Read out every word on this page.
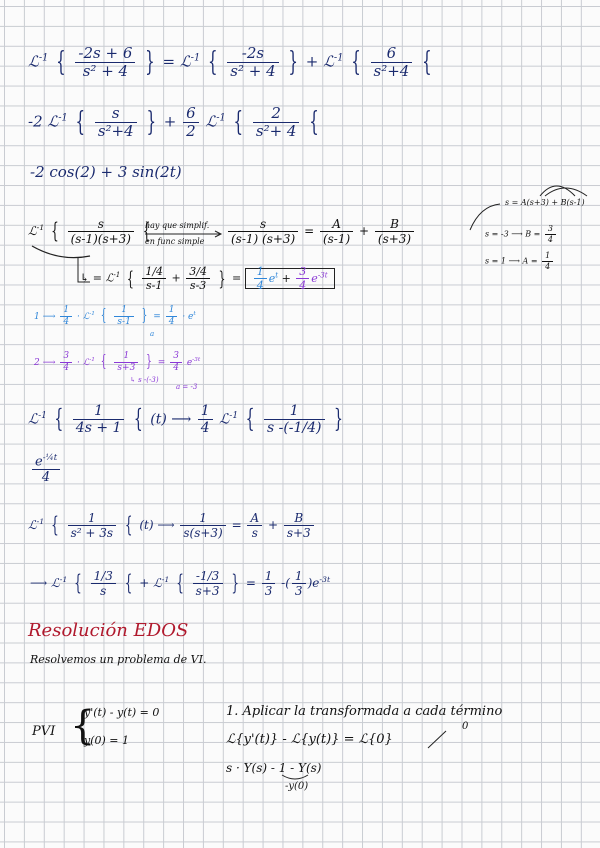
ℒ$^{-1}$ { $\frac{-2s + 6}{\text{s² + 4}}$ } = ℒ$^{-1}$ { $\frac{-2s}{\text{s² + 4}}$ } + ℒ$^{-1}$ { $\frac{6}{\text{s²+4}}$ {
-2 ℒ$^{-1}$ { $\frac{s}{\text{s²+4}}$ } + $\frac{6}{2}$ ℒ$^{-1}$ { $\frac{2}{\text{s²+ 4}}$ {
-2 cos(2) + 3 sin(2t)
ℒ$^{-1}$ { $\frac{s}{(s-1)(s+3)}$ {
hay que simplif.
en func simple $\frac{s}{(s-1) (s+3)} = \frac{A}{(s-1)} + \frac{B}{(s+3)}$
s = A(s+3) + B(s-1)
s = -3 ⟶ $B = \frac{3}{4}$
s = 1 ⟶ $A = \frac{1}{4}$
↳ = ℒ$^{-1}$ { $\frac{1/4}{s-1} + \frac{3/4}{s-3}$ } = $\frac{1}{4} e^t + \frac{3}{4} e^{-3t}$
1 ⟶ $\frac{1}{4}$ · ℒ$^{-1}$ { $\frac{1}{s-1}$ } = $\frac{1}{4} \cdot e^t$
a
2 ⟶ $\frac{3}{4}$ · ℒ$^{-1}$ { $\frac{1}{s+3}$ } = $\frac{3}{4} e^{-3t}$
↳ s -(-3)
a = -3
ℒ$^{-1}$ { $\frac{1}{4s + 1}$ { (t) ⟶ $\frac{1}{4}$ ℒ$^{-1}$ { $\frac{1}{s -(-1/4)}$ }
$\frac{e^{-\frac{1}{4}t}}{4}$
ℒ$^{-1}$ { $\frac{1}{\text{s² + 3s}}$ { (t) ⟶ $\frac{1}{s(s+3)} = \frac{A}{s} + \frac{B}{s+3}$
⟶ ℒ$^{-1}$ { $\frac{1/3}{s}$ { + ℒ$^{-1}$ { $\frac{-1/3}{s+3}$ } = $\frac{1}{3}$ -( $\frac{1}{3} )e^{-3t}$
Resolución EDOS
Resolvemos un problema de VI.
PVI {
y'(t) - y(t) = 0
y(0) = 1
1. Aplicar la transformada a cada término
ℒ{y'(t)} - ℒ{y(t)} = ℒ{0}
0
s · Y(s) - 1 - Y(s)
-y(0)
